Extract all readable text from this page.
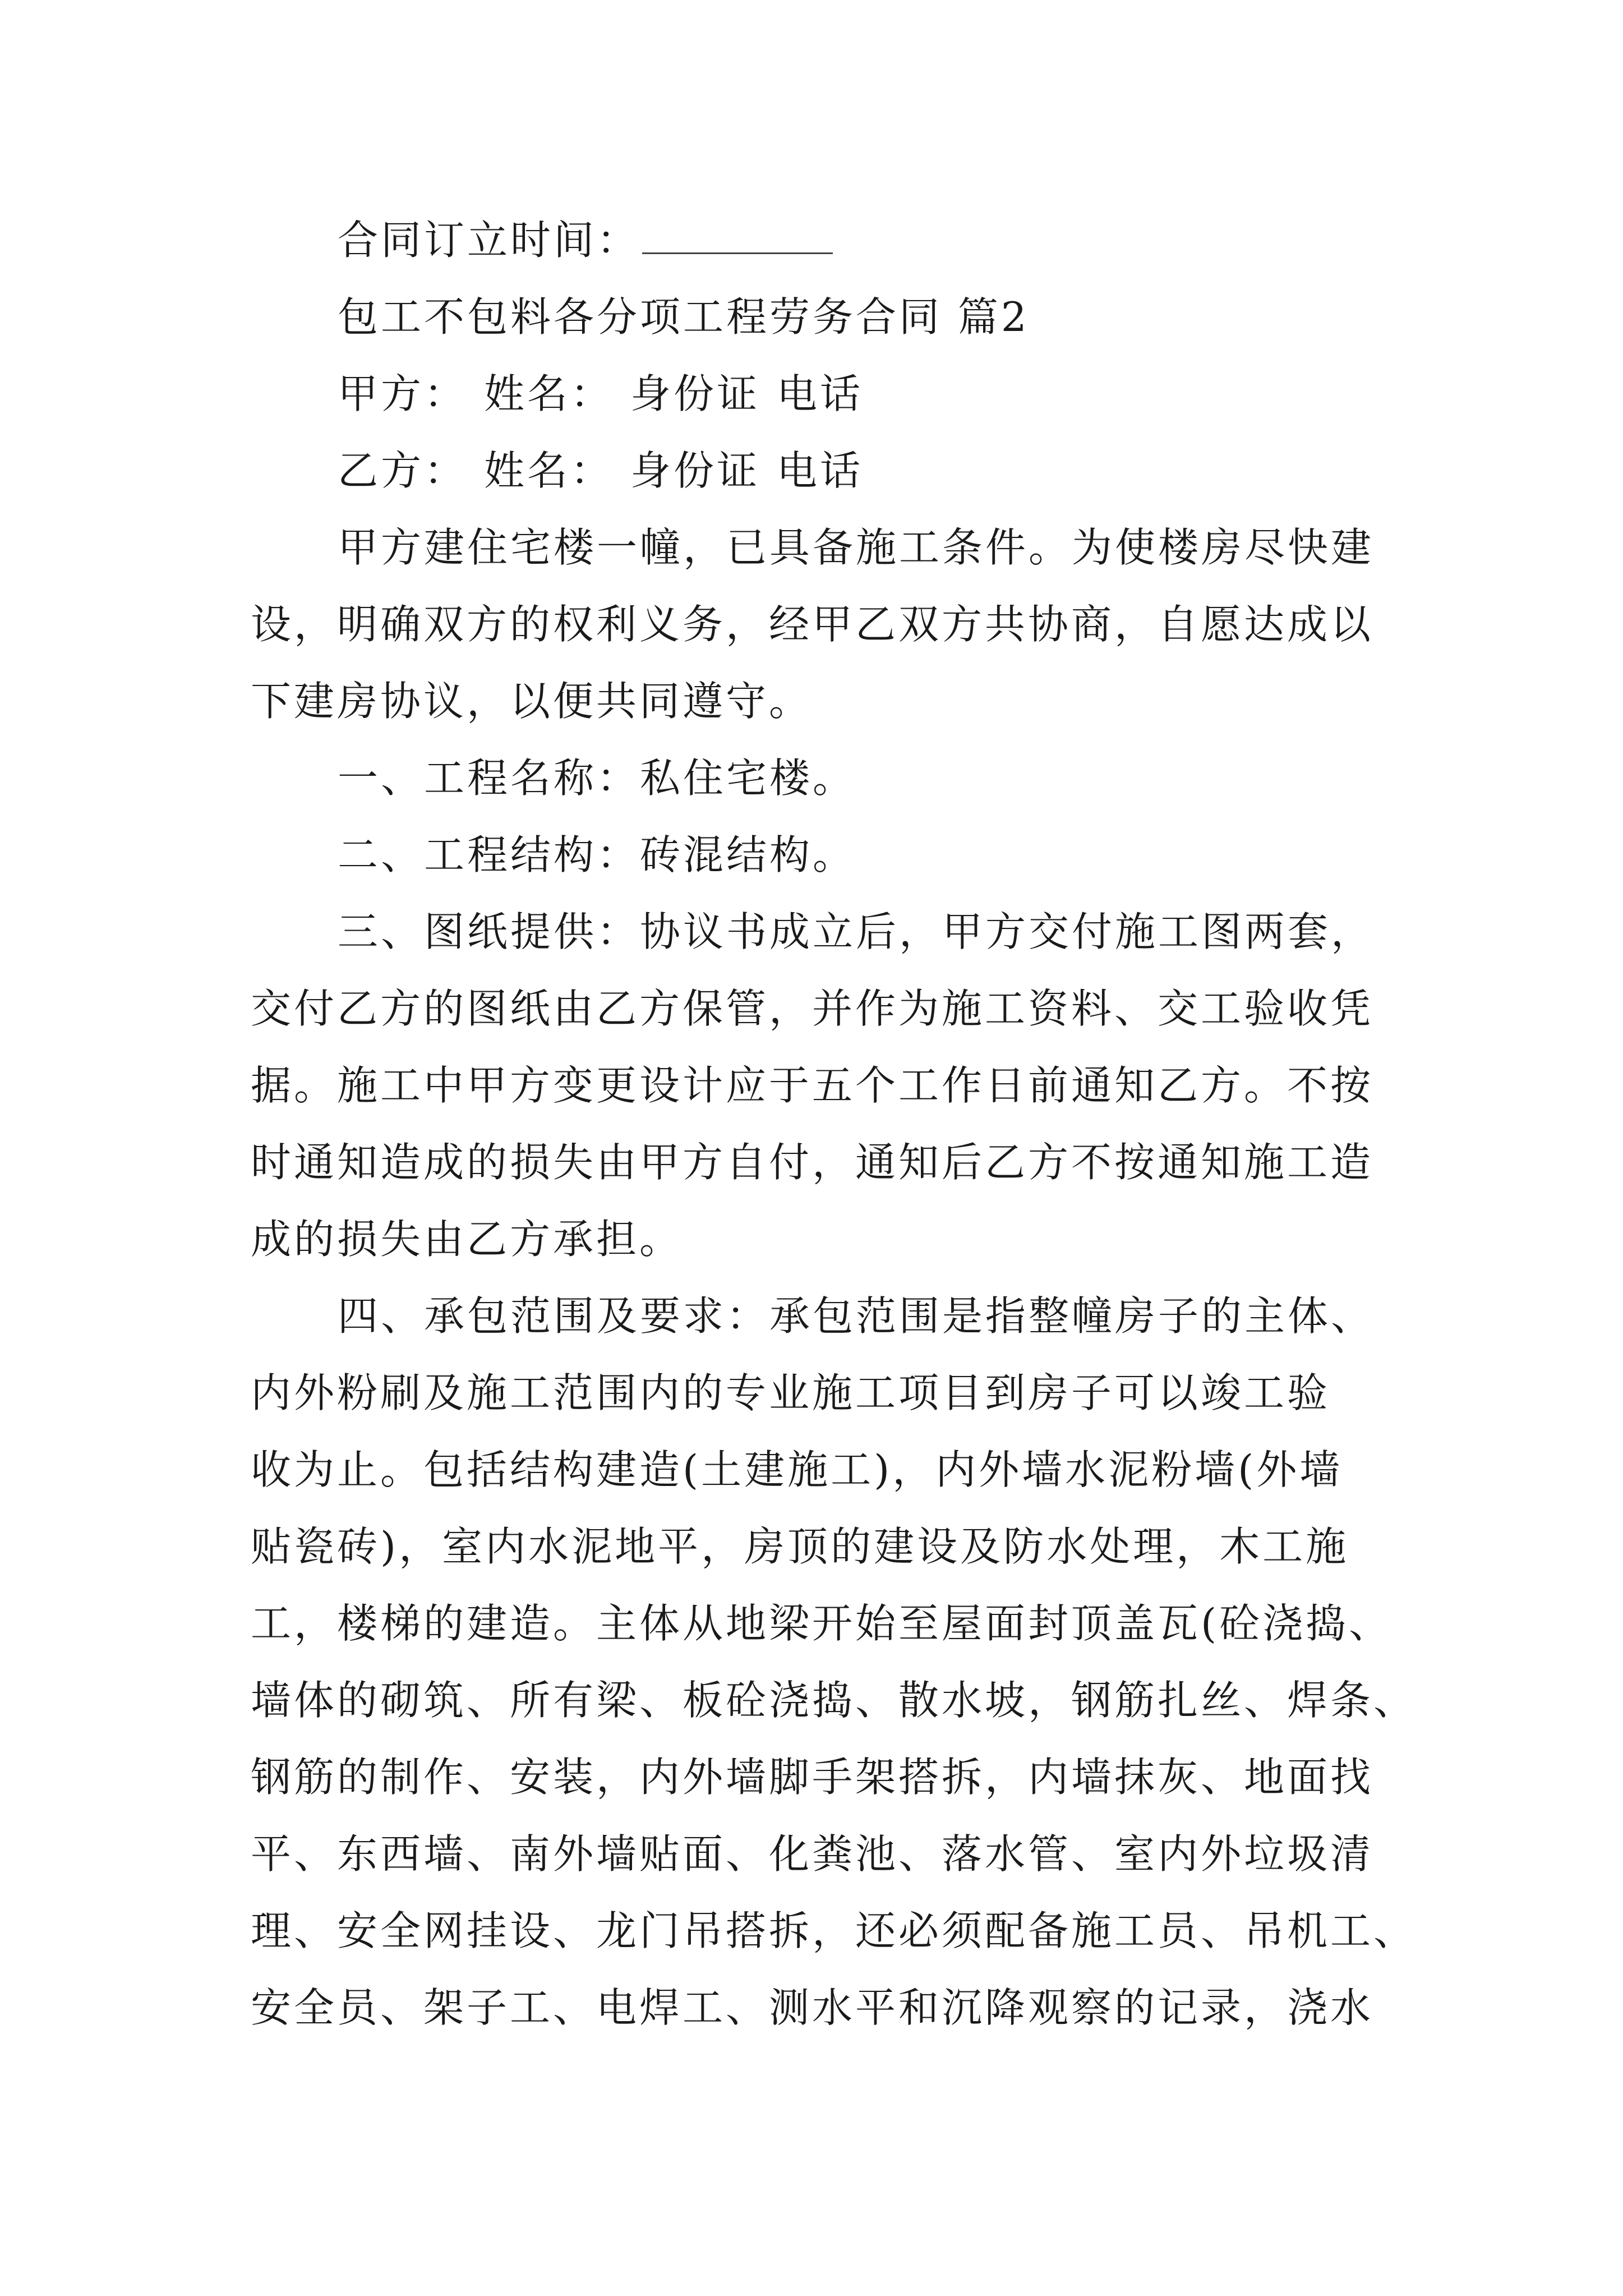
合同订立时间：
包工不包料各分项工程劳务合同 篇2
甲方： 姓名： 身份证 电话
乙方： 姓名： 身份证 电话
甲方建住宅楼一幢，已具备施工条件。为使楼房尽快建
设，明确双方的权利义务，经甲乙双方共协商，自愿达成以
下建房协议，以便共同遵守。
一、工程名称：私住宅楼。
二、工程结构：砖混结构。
三、图纸提供：协议书成立后，甲方交付施工图两套，
交付乙方的图纸由乙方保管，并作为施工资料、交工验收凭
据。施工中甲方变更设计应于五个工作日前通知乙方。不按
时通知造成的损失由甲方自付，通知后乙方不按通知施工造
成的损失由乙方承担。
四、承包范围及要求：承包范围是指整幢房子的主体、
内外粉刷及施工范围内的专业施工项目到房子可以竣工验
收为止。包括结构建造(土建施工)，内外墙水泥粉墙(外墙
贴瓷砖)，室内水泥地平，房顶的建设及防水处理，木工施
工，楼梯的建造。主体从地梁开始至屋面封顶盖瓦(砼浇捣、
墙体的砌筑、所有梁、板砼浇捣、散水坡，钢筋扎丝、焊条、
钢筋的制作、安装，内外墙脚手架搭拆，内墙抹灰、地面找
平、东西墙、南外墙贴面、化粪池、落水管、室内外垃圾清
理、安全网挂设、龙门吊搭拆，还必须配备施工员、吊机工、
安全员、架子工、电焊工、测水平和沉降观察的记录，浇水
